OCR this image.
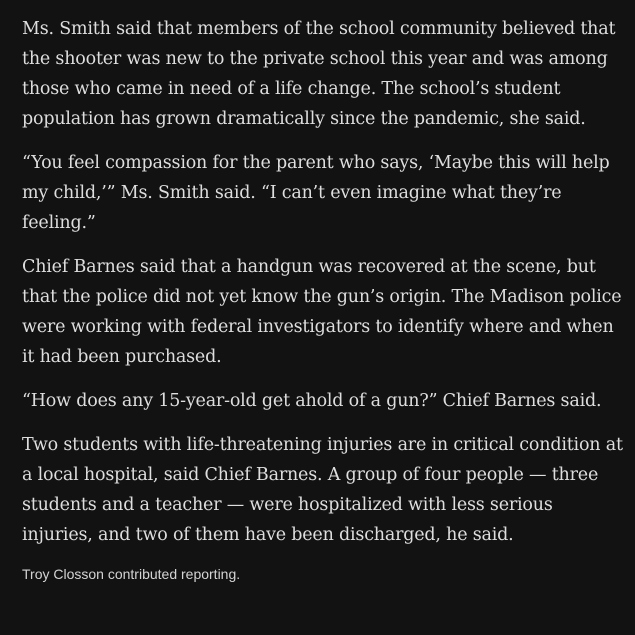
Ms. Smith said that members of the school community believed that the shooter was new to the private school this year and was among those who came in need of a life change. The school’s student population has grown dramatically since the pandemic, she said.

“You feel compassion for the parent who says, ‘Maybe this will help my child,’” Ms. Smith said. “I can’t even imagine what they’re feeling.”

Chief Barnes said that a handgun was recovered at the scene, but that the police did not yet know the gun’s origin. The Madison police were working with federal investigators to identify where and when it had been purchased.

“How does any 15-year-old get ahold of a gun?” Chief Barnes said.

Two students with life-threatening injuries are in critical condition at a local hospital, said Chief Barnes. A group of four people — three students and a teacher — were hospitalized with less serious injuries, and two of them have been discharged, he said.

Troy Closson contributed reporting.
